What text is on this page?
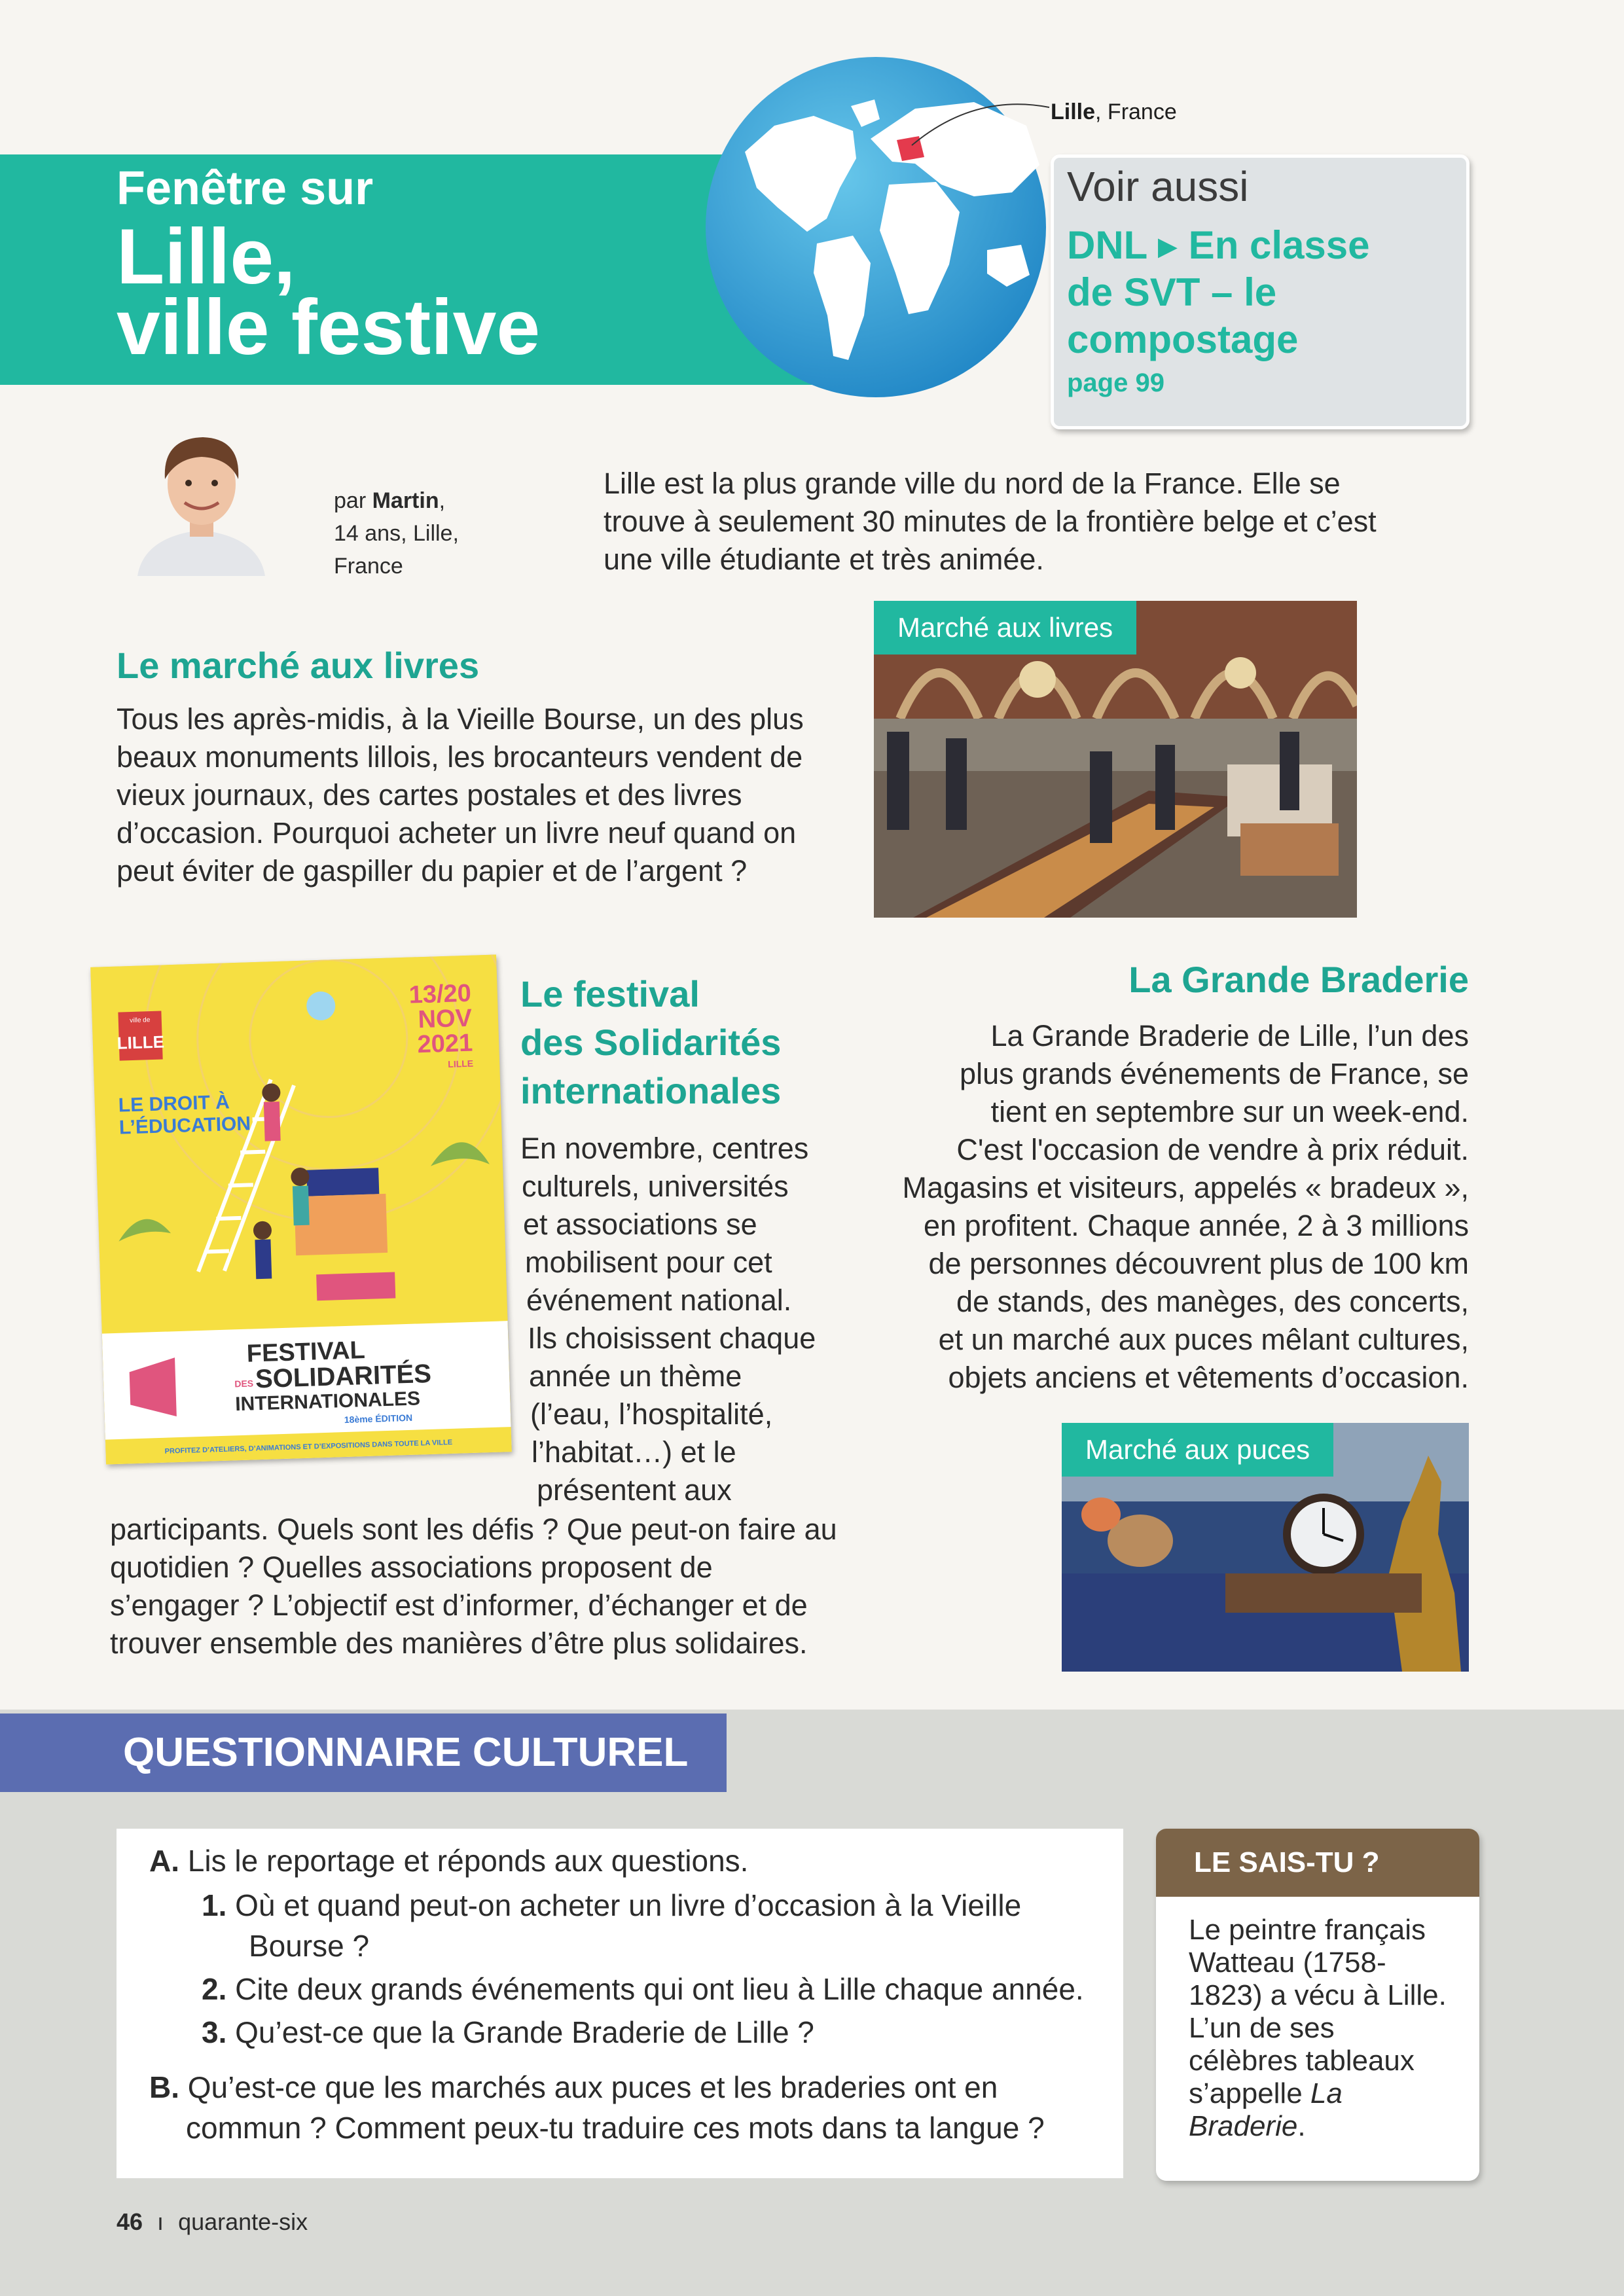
Fenêtre sur
Lille,
ville festive
Lille, France
Voir aussi
DNL ▸ En classe
de SVT – le
compostage
page 99
par Martin,
14 ans, Lille,
France
Lille est la plus grande ville du nord de la France. Elle se trouve à seulement 30 minutes de la frontière belge et c’est une ville étudiante et très animée.
Le marché aux livres
Tous les après-midis, à la Vieille Bourse, un des plus beaux monuments lillois, les brocanteurs vendent de vieux journaux, des cartes postales et des livres d’occasion. Pourquoi acheter un livre neuf quand on peut éviter de gaspiller du papier et de l’argent ?
Marché aux livres
ville de
LILLE
13/20
NOV
2021
LILLE
LE DROIT À
L’ÉDUCATION
FESTIVAL
DES SOLIDARITÉS
INTERNATIONALES
18ème ÉDITION
PROFITEZ D’ATELIERS, D’ANIMATIONS ET D’EXPOSITIONS DANS TOUTE LA VILLE
Le festival
des Solidarités
internationales
En novembre, centres
culturels, universités
et associations se
mobilisent pour cet
événement national.
Ils choisissent chaque
année un thème
(l’eau, l’hospitalité,
l’habitat…) et le
présentent aux
participants. Quels sont les défis ? Que peut-on faire au quotidien ? Quelles associations proposent de s’engager ? L’objectif est d’informer, d’échanger et de trouver ensemble des manières d’être plus solidaires.
La Grande Braderie
La Grande Braderie de Lille, l’un des
plus grands événements de France, se
tient en septembre sur un week-end.
C'est l'occasion de vendre à prix réduit.
Magasins et visiteurs, appelés « bradeux »,
en profitent. Chaque année, 2 à 3 millions
de personnes découvrent plus de 100 km
de stands, des manèges, des concerts,
et un marché aux puces mêlant cultures,
objets anciens et vêtements d’occasion.
Marché aux puces
QUESTIONNAIRE CULTUREL
A. Lis le reportage et réponds aux questions.
1. Où et quand peut-on acheter un livre d’occasion à la Vieille
Bourse ?
2. Cite deux grands événements qui ont lieu à Lille chaque année.
3. Qu’est-ce que la Grande Braderie de Lille ?
B. Qu’est-ce que les marchés aux puces et les braderies ont en
commun ? Comment peux-tu traduire ces mots dans ta langue ?
LE SAIS-TU ?
Le peintre français Watteau (1758-1823) a vécu à Lille. L’un de ses célèbres tableaux s’appelle La Braderie.
46 ı quarante-six
